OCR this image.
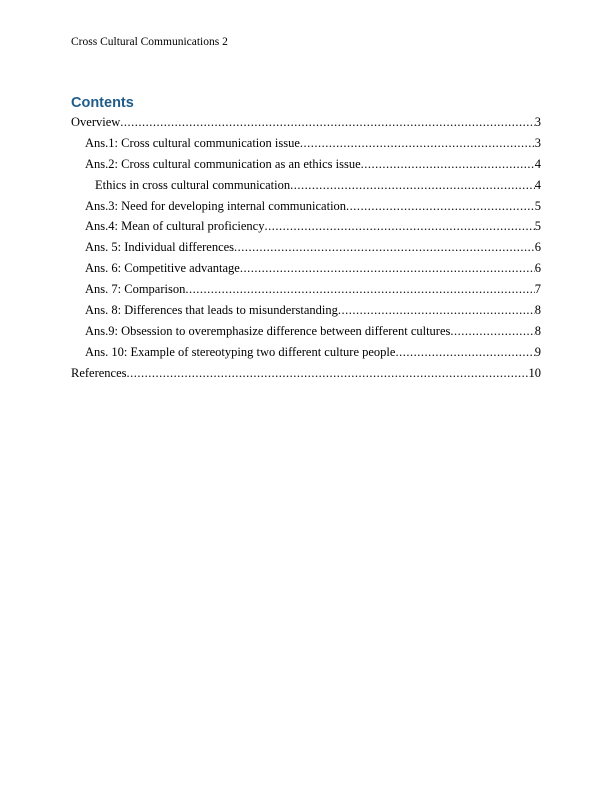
Cross Cultural Communications 2
Contents
Overview .....	3
Ans.1: Cross cultural communication issue .....	3
Ans.2: Cross cultural communication as an ethics issue .....	4
Ethics in cross cultural communication .....	4
Ans.3: Need for developing internal communication .....	5
Ans.4: Mean of cultural proficiency .....	5
Ans. 5: Individual differences .....	6
Ans. 6: Competitive advantage .....	6
Ans. 7: Comparison .....	7
Ans. 8: Differences that leads to misunderstanding .....	8
Ans.9: Obsession to overemphasize difference between different cultures .....	8
Ans. 10: Example of stereotyping two different culture people .....	9
References .....	10
